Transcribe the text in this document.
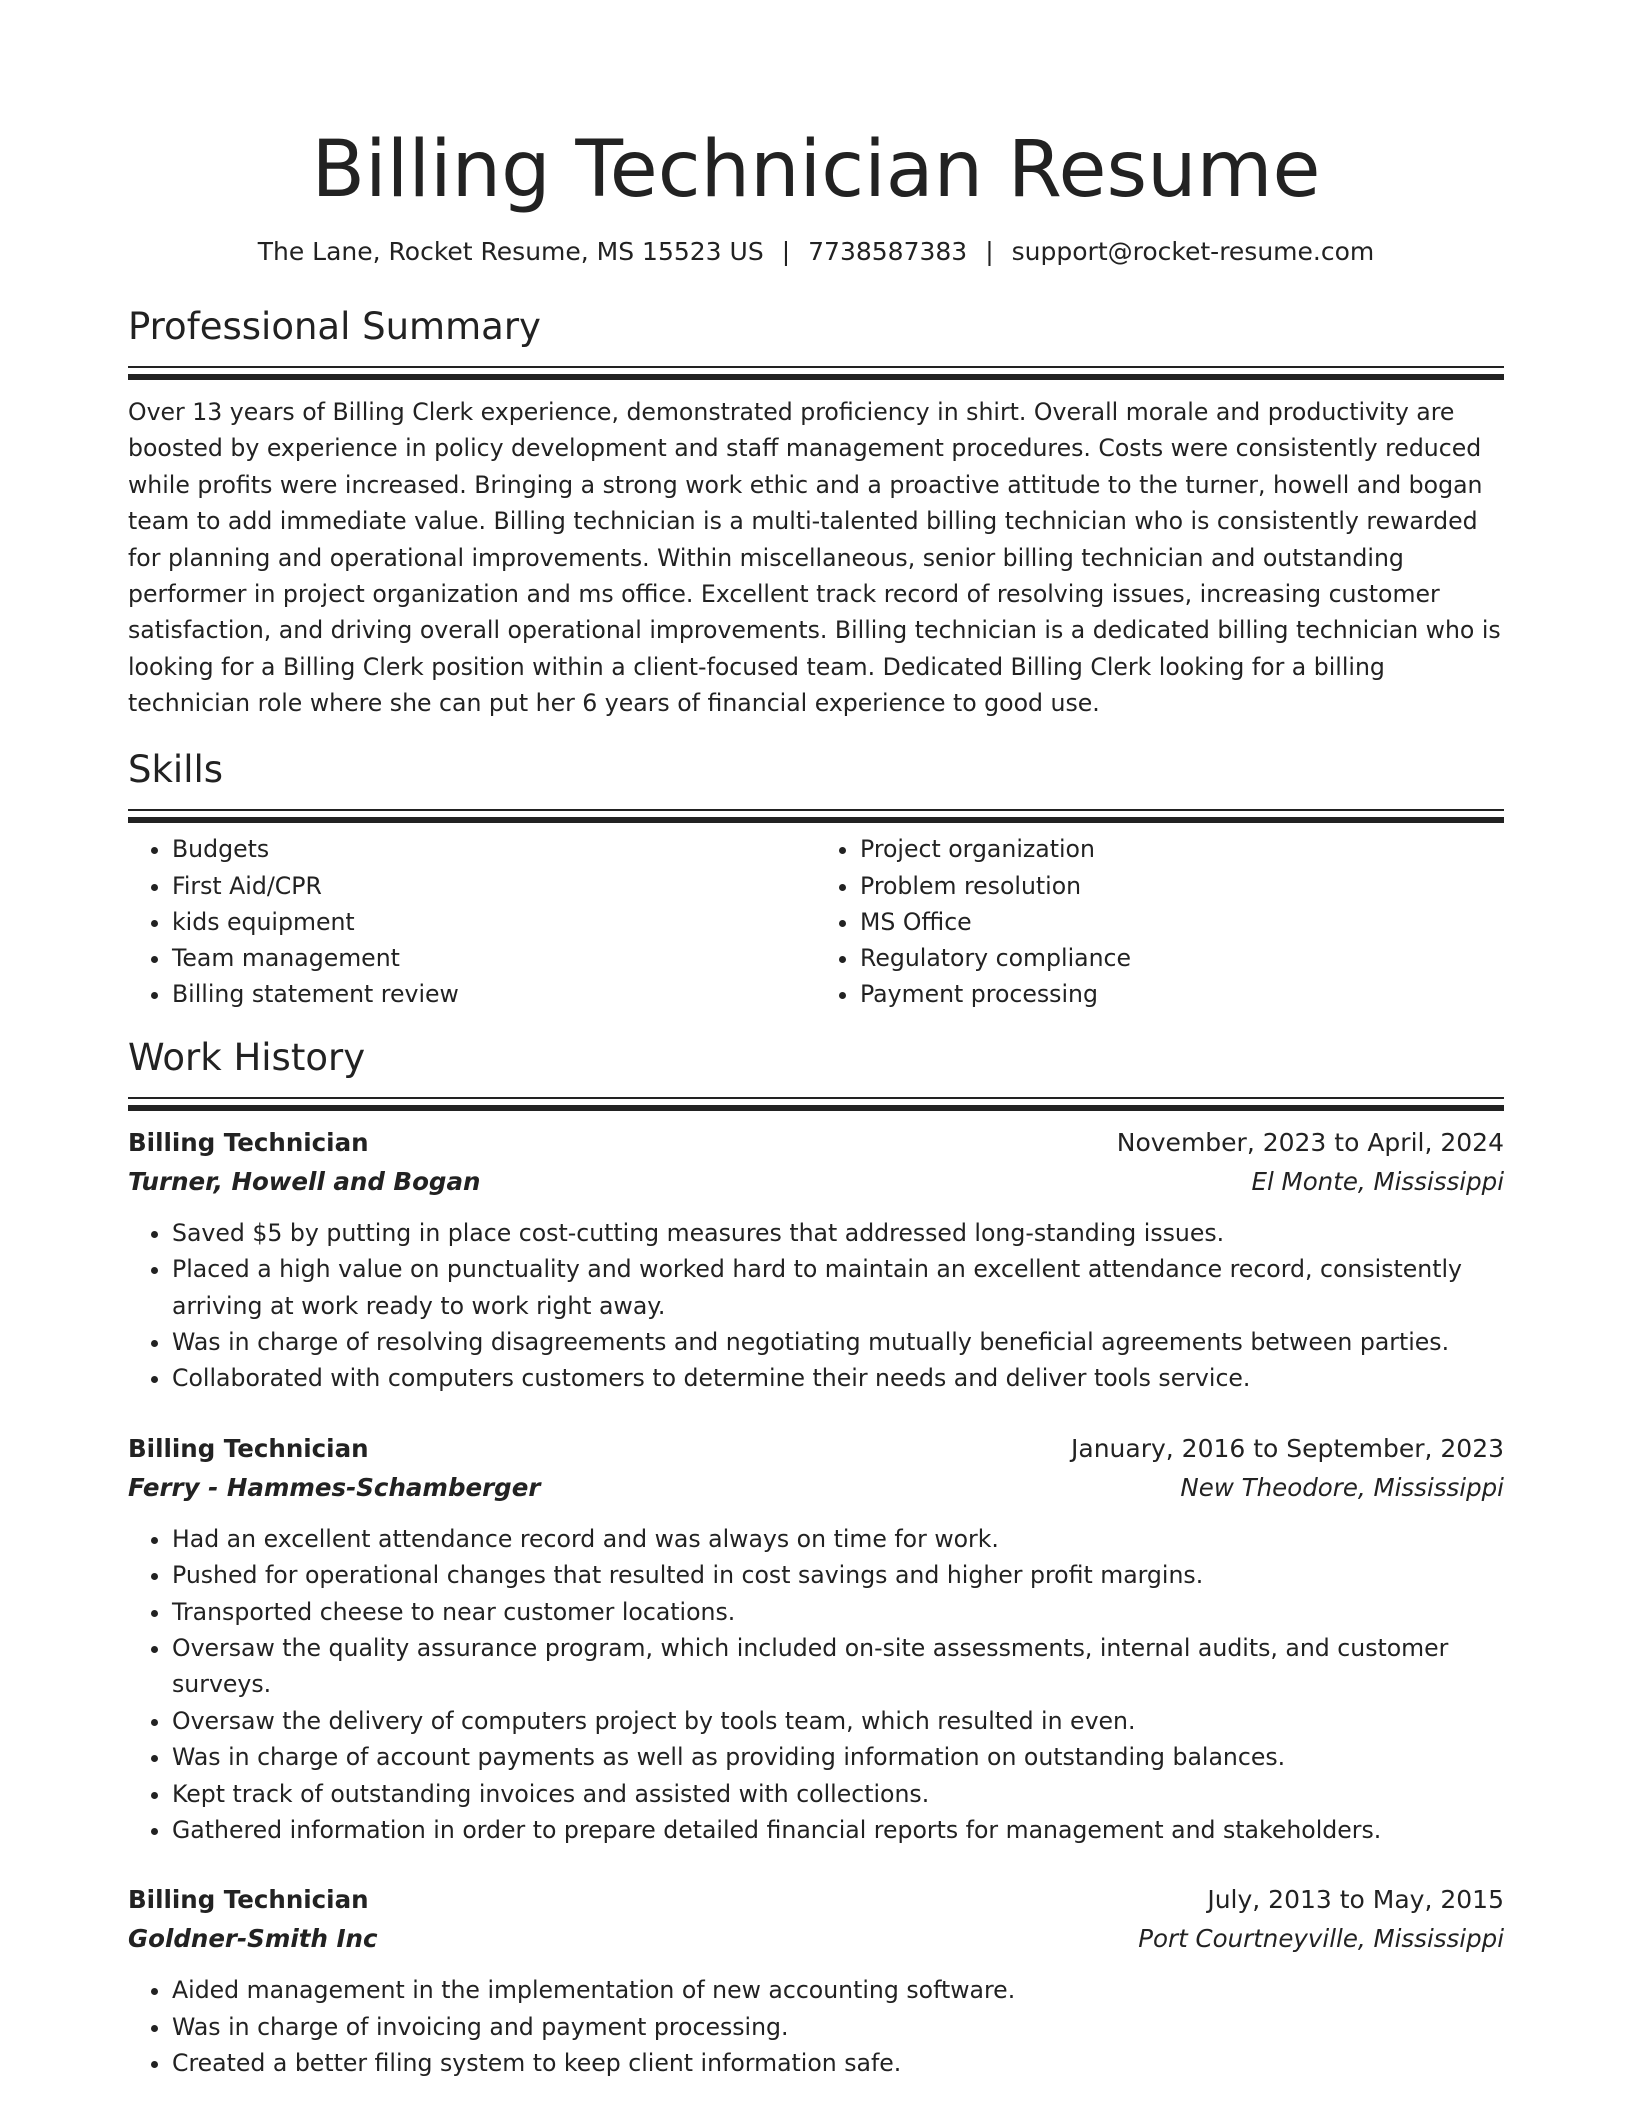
Billing Technician Resume
The Lane, Rocket Resume, MS 15523 US | 7738587383 | support@rocket-resume.com
Professional Summary

Over 13 years of Billing Clerk experience, demonstrated proficiency in shirt. Overall morale and productivity are boosted by experience in policy development and staff management procedures. Costs were consistently reduced while profits were increased. Bringing a strong work ethic and a proactive attitude to the turner, howell and bogan team to add immediate value. Billing technician is a multi-talented billing technician who is consistently rewarded for planning and operational improvements. Within miscellaneous, senior billing technician and outstanding performer in project organization and ms office. Excellent track record of resolving issues, increasing customer satisfaction, and driving overall operational improvements. Billing technician is a dedicated billing technician who is looking for a Billing Clerk position within a client-focused team. Dedicated Billing Clerk looking for a billing technician role where she can put her 6 years of financial experience to good use.

Skills
• Budgets
• First Aid/CPR
• kids equipment
• Team management
• Billing statement review
• Project organization
• Problem resolution
• MS Office
• Regulatory compliance
• Payment processing
Work History
Billing Technician	November, 2023 to April, 2024
Turner, Howell and Bogan	El Monte, Mississippi
• Saved $5 by putting in place cost-cutting measures that addressed long-standing issues.
• Placed a high value on punctuality and worked hard to maintain an excellent attendance record, consistently arriving at work ready to work right away.
• Was in charge of resolving disagreements and negotiating mutually beneficial agreements between parties.
• Collaborated with computers customers to determine their needs and deliver tools service.
Billing Technician	January, 2016 to September, 2023
Ferry - Hammes-Schamberger	New Theodore, Mississippi
• Had an excellent attendance record and was always on time for work.
• Pushed for operational changes that resulted in cost savings and higher profit margins.
• Transported cheese to near customer locations.
• Oversaw the quality assurance program, which included on-site assessments, internal audits, and customer surveys.
• Oversaw the delivery of computers project by tools team, which resulted in even.
• Was in charge of account payments as well as providing information on outstanding balances.
• Kept track of outstanding invoices and assisted with collections.
• Gathered information in order to prepare detailed financial reports for management and stakeholders.
Billing Technician	July, 2013 to May, 2015
Goldner-Smith Inc	Port Courtneyville, Mississippi
• Aided management in the implementation of new accounting software.
• Was in charge of invoicing and payment processing.
• Created a better filing system to keep client information safe.
